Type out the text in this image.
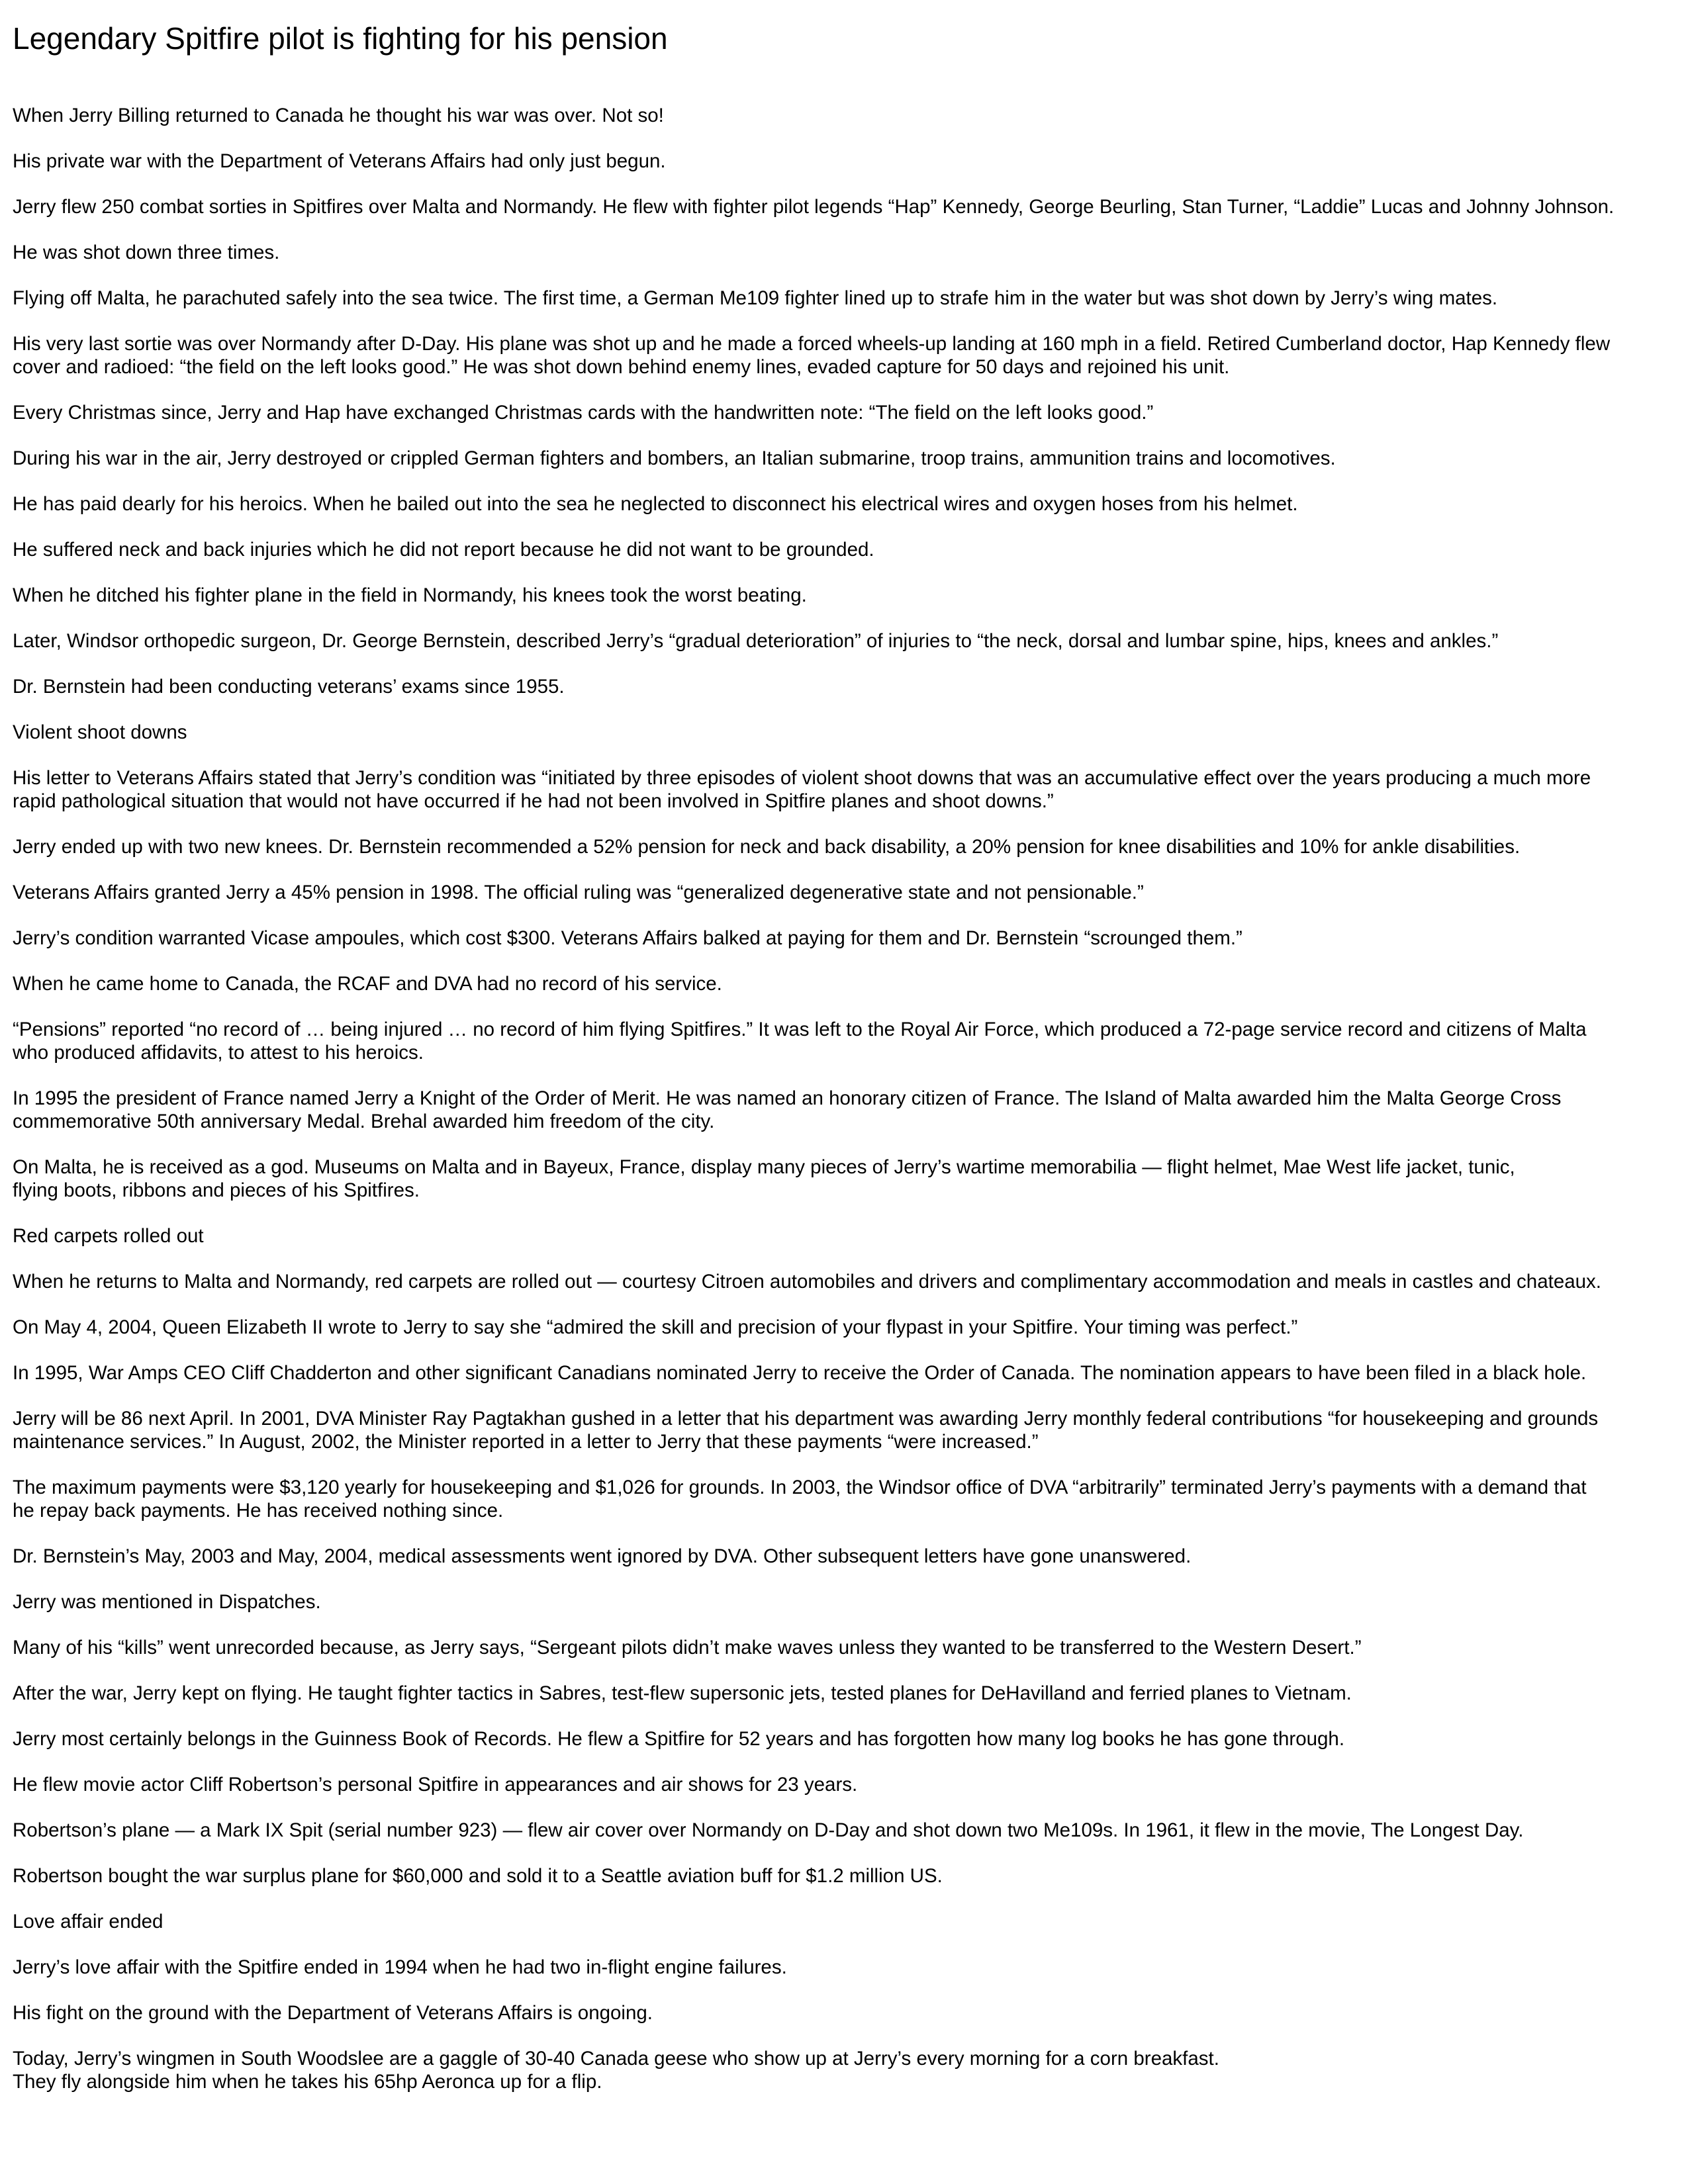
Legendary Spitfire pilot is fighting for his pension

When Jerry Billing returned to Canada he thought his war was over. Not so!

His private war with the Department of Veterans Affairs had only just begun.

Jerry flew 250 combat sorties in Spitfires over Malta and Normandy. He flew with fighter pilot legends “Hap” Kennedy, George Beurling, Stan Turner, “Laddie” Lucas and Johnny Johnson.

He was shot down three times.

Flying off Malta, he parachuted safely into the sea twice. The first time, a German Me109 fighter lined up to strafe him in the water but was shot down by Jerry’s wing mates.

His very last sortie was over Normandy after D-Day. His plane was shot up and he made a forced wheels-up landing at 160 mph in a field. Retired Cumberland doctor, Hap Kennedy flew
cover and radioed: “the field on the left looks good.” He was shot down behind enemy lines, evaded capture for 50 days and rejoined his unit.

Every Christmas since, Jerry and Hap have exchanged Christmas cards with the handwritten note: “The field on the left looks good.”

During his war in the air, Jerry destroyed or crippled German fighters and bombers, an Italian submarine, troop trains, ammunition trains and locomotives.

He has paid dearly for his heroics. When he bailed out into the sea he neglected to disconnect his electrical wires and oxygen hoses from his helmet.

He suffered neck and back injuries which he did not report because he did not want to be grounded.

When he ditched his fighter plane in the field in Normandy, his knees took the worst beating.

Later, Windsor orthopedic surgeon, Dr. George Bernstein, described Jerry’s “gradual deterioration” of injuries to “the neck, dorsal and lumbar spine, hips, knees and ankles.”

Dr. Bernstein had been conducting veterans’ exams since 1955.

Violent shoot downs

His letter to Veterans Affairs stated that Jerry’s condition was “initiated by three episodes of violent shoot downs that was an accumulative effect over the years producing a much more
rapid pathological situation that would not have occurred if he had not been involved in Spitfire planes and shoot downs.”

Jerry ended up with two new knees. Dr. Bernstein recommended a 52% pension for neck and back disability, a 20% pension for knee disabilities and 10% for ankle disabilities.

Veterans Affairs granted Jerry a 45% pension in 1998. The official ruling was “generalized degenerative state and not pensionable.”

Jerry’s condition warranted Vicase ampoules, which cost $300. Veterans Affairs balked at paying for them and Dr. Bernstein “scrounged them.”

When he came home to Canada, the RCAF and DVA had no record of his service.

“Pensions” reported “no record of … being injured … no record of him flying Spitfires.” It was left to the Royal Air Force, which produced a 72-page service record and citizens of Malta
who produced affidavits, to attest to his heroics.

In 1995 the president of France named Jerry a Knight of the Order of Merit. He was named an honorary citizen of France. The Island of Malta awarded him the Malta George Cross
commemorative 50th anniversary Medal. Brehal awarded him freedom of the city.

On Malta, he is received as a god. Museums on Malta and in Bayeux, France, display many pieces of Jerry’s wartime memorabilia — flight helmet, Mae West life jacket, tunic,
flying boots, ribbons and pieces of his Spitfires.

Red carpets rolled out

When he returns to Malta and Normandy, red carpets are rolled out — courtesy Citroen automobiles and drivers and complimentary accommodation and meals in castles and chateaux.

On May 4, 2004, Queen Elizabeth II wrote to Jerry to say she “admired the skill and precision of your flypast in your Spitfire. Your timing was perfect.”

In 1995, War Amps CEO Cliff Chadderton and other significant Canadians nominated Jerry to receive the Order of Canada. The nomination appears to have been filed in a black hole.

Jerry will be 86 next April. In 2001, DVA Minister Ray Pagtakhan gushed in a letter that his department was awarding Jerry monthly federal contributions “for housekeeping and grounds
maintenance services.” In August, 2002, the Minister reported in a letter to Jerry that these payments “were increased.”

The maximum payments were $3,120 yearly for housekeeping and $1,026 for grounds. In 2003, the Windsor office of DVA “arbitrarily” terminated Jerry’s payments with a demand that
he repay back payments. He has received nothing since.

Dr. Bernstein’s May, 2003 and May, 2004, medical assessments went ignored by DVA. Other subsequent letters have gone unanswered.

Jerry was mentioned in Dispatches.

Many of his “kills” went unrecorded because, as Jerry says, “Sergeant pilots didn’t make waves unless they wanted to be transferred to the Western Desert.”

After the war, Jerry kept on flying. He taught fighter tactics in Sabres, test-flew supersonic jets, tested planes for DeHavilland and ferried planes to Vietnam.

Jerry most certainly belongs in the Guinness Book of Records. He flew a Spitfire for 52 years and has forgotten how many log books he has gone through.

He flew movie actor Cliff Robertson’s personal Spitfire in appearances and air shows for 23 years.

Robertson’s plane — a Mark IX Spit (serial number 923) — flew air cover over Normandy on D-Day and shot down two Me109s. In 1961, it flew in the movie, The Longest Day.

Robertson bought the war surplus plane for $60,000 and sold it to a Seattle aviation buff for $1.2 million US.

Love affair ended

Jerry’s love affair with the Spitfire ended in 1994 when he had two in-flight engine failures.

His fight on the ground with the Department of Veterans Affairs is ongoing.

Today, Jerry’s wingmen in South Woodslee are a gaggle of 30-40 Canada geese who show up at Jerry’s every morning for a corn breakfast.
They fly alongside him when he takes his 65hp Aeronca up for a flip.
